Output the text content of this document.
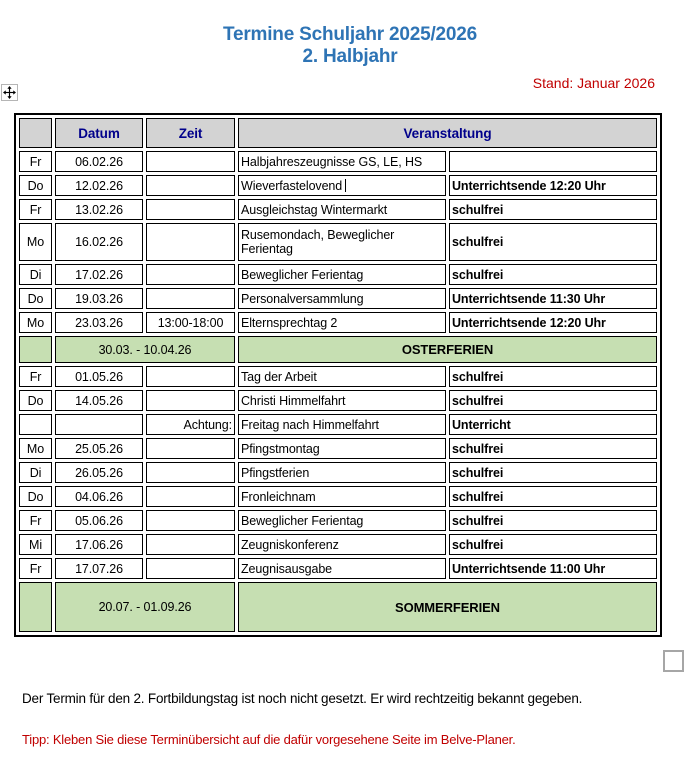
Termine Schuljahr 2025/2026
2. Halbjahr
Stand: Januar 2026
	Datum	Zeit	Veranstaltung	
Fr	06.02.26		Halbjahreszeugnisse GS, LE, HS	
Do	12.02.26		Wieverfastelovend	Unterrichtsende 12:20 Uhr
Fr	13.02.26		Ausgleichstag Wintermarkt	schulfrei
Mo	16.02.26		Rusemondach, Beweglicher Ferientag	schulfrei
Di	17.02.26		Beweglicher Ferientag	schulfrei
Do	19.03.26		Personalversammlung	Unterrichtsende 11:30 Uhr
Mo	23.03.26	13:00-18:00	Elternsprechtag 2	Unterrichtsende 12:20 Uhr
	30.03. - 10.04.26		OSTERFERIEN	
Fr	01.05.26		Tag der Arbeit	schulfrei
Do	14.05.26		Christi Himmelfahrt	schulfrei
		Achtung:	Freitag nach Himmelfahrt	Unterricht
Mo	25.05.26		Pfingstmontag	schulfrei
Di	26.05.26		Pfingstferien	schulfrei
Do	04.06.26		Fronleichnam	schulfrei
Fr	05.06.26		Beweglicher Ferientag	schulfrei
Mi	17.06.26		Zeugniskonferenz	schulfrei
Fr	17.07.26		Zeugnisausgabe	Unterrichtsende 11:00 Uhr
	20.07. - 01.09.26		SOMMERFERIEN	

Der Termin für den 2. Fortbildungstag ist noch nicht gesetzt. Er wird rechtzeitig bekannt gegeben.

Tipp: Kleben Sie diese Terminübersicht auf die dafür vorgesehene Seite im Belve-Planer.
